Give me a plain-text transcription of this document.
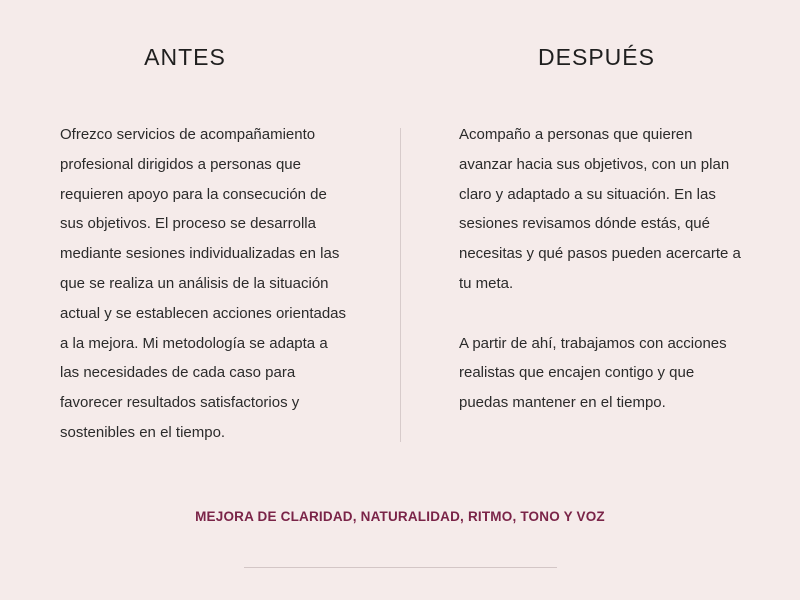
ANTES	DESPUÉS

Ofrezco servicios de acompañamiento profesional dirigidos a personas que requieren apoyo para la consecución de sus objetivos. El proceso se desarrolla mediante sesiones individualizadas en las que se realiza un análisis de la situación actual y se establecen acciones orientadas a la mejora. Mi metodología se adapta a las necesidades de cada caso para favorecer resultados satisfactorios y sostenibles en el tiempo.

Acompaño a personas que quieren avanzar hacia sus objetivos, con un plan claro y adaptado a su situación. En las sesiones revisamos dónde estás, qué necesitas y qué pasos pueden acercarte a tu meta.

A partir de ahí, trabajamos con acciones realistas que encajen contigo y que puedas mantener en el tiempo.

MEJORA DE CLARIDAD, NATURALIDAD, RITMO, TONO Y VOZ
